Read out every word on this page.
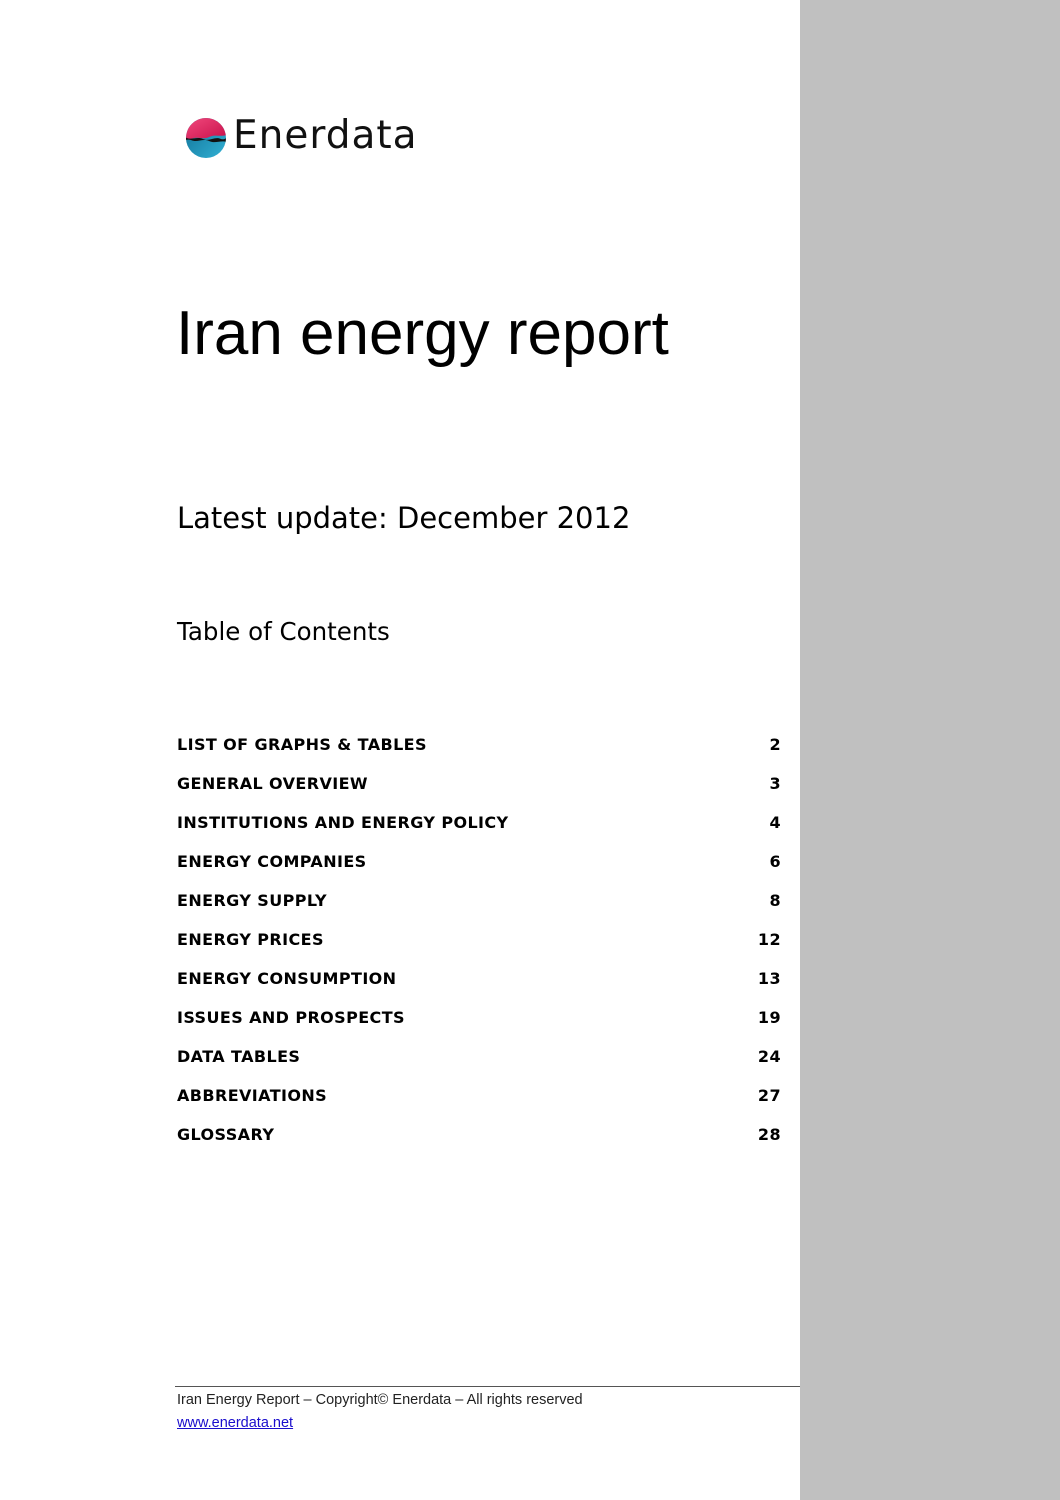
Enerdata
Iran energy report
Latest update: December 2012
Table of Contents
LIST OF GRAPHS & TABLES	2
GENERAL OVERVIEW	3
INSTITUTIONS AND ENERGY POLICY	4
ENERGY COMPANIES	6
ENERGY SUPPLY	8
ENERGY PRICES	12
ENERGY CONSUMPTION	13
ISSUES AND PROSPECTS	19
DATA TABLES	24
ABBREVIATIONS	27
GLOSSARY	28
Iran Energy Report – Copyright© Enerdata – All rights reserved
www.enerdata.net
